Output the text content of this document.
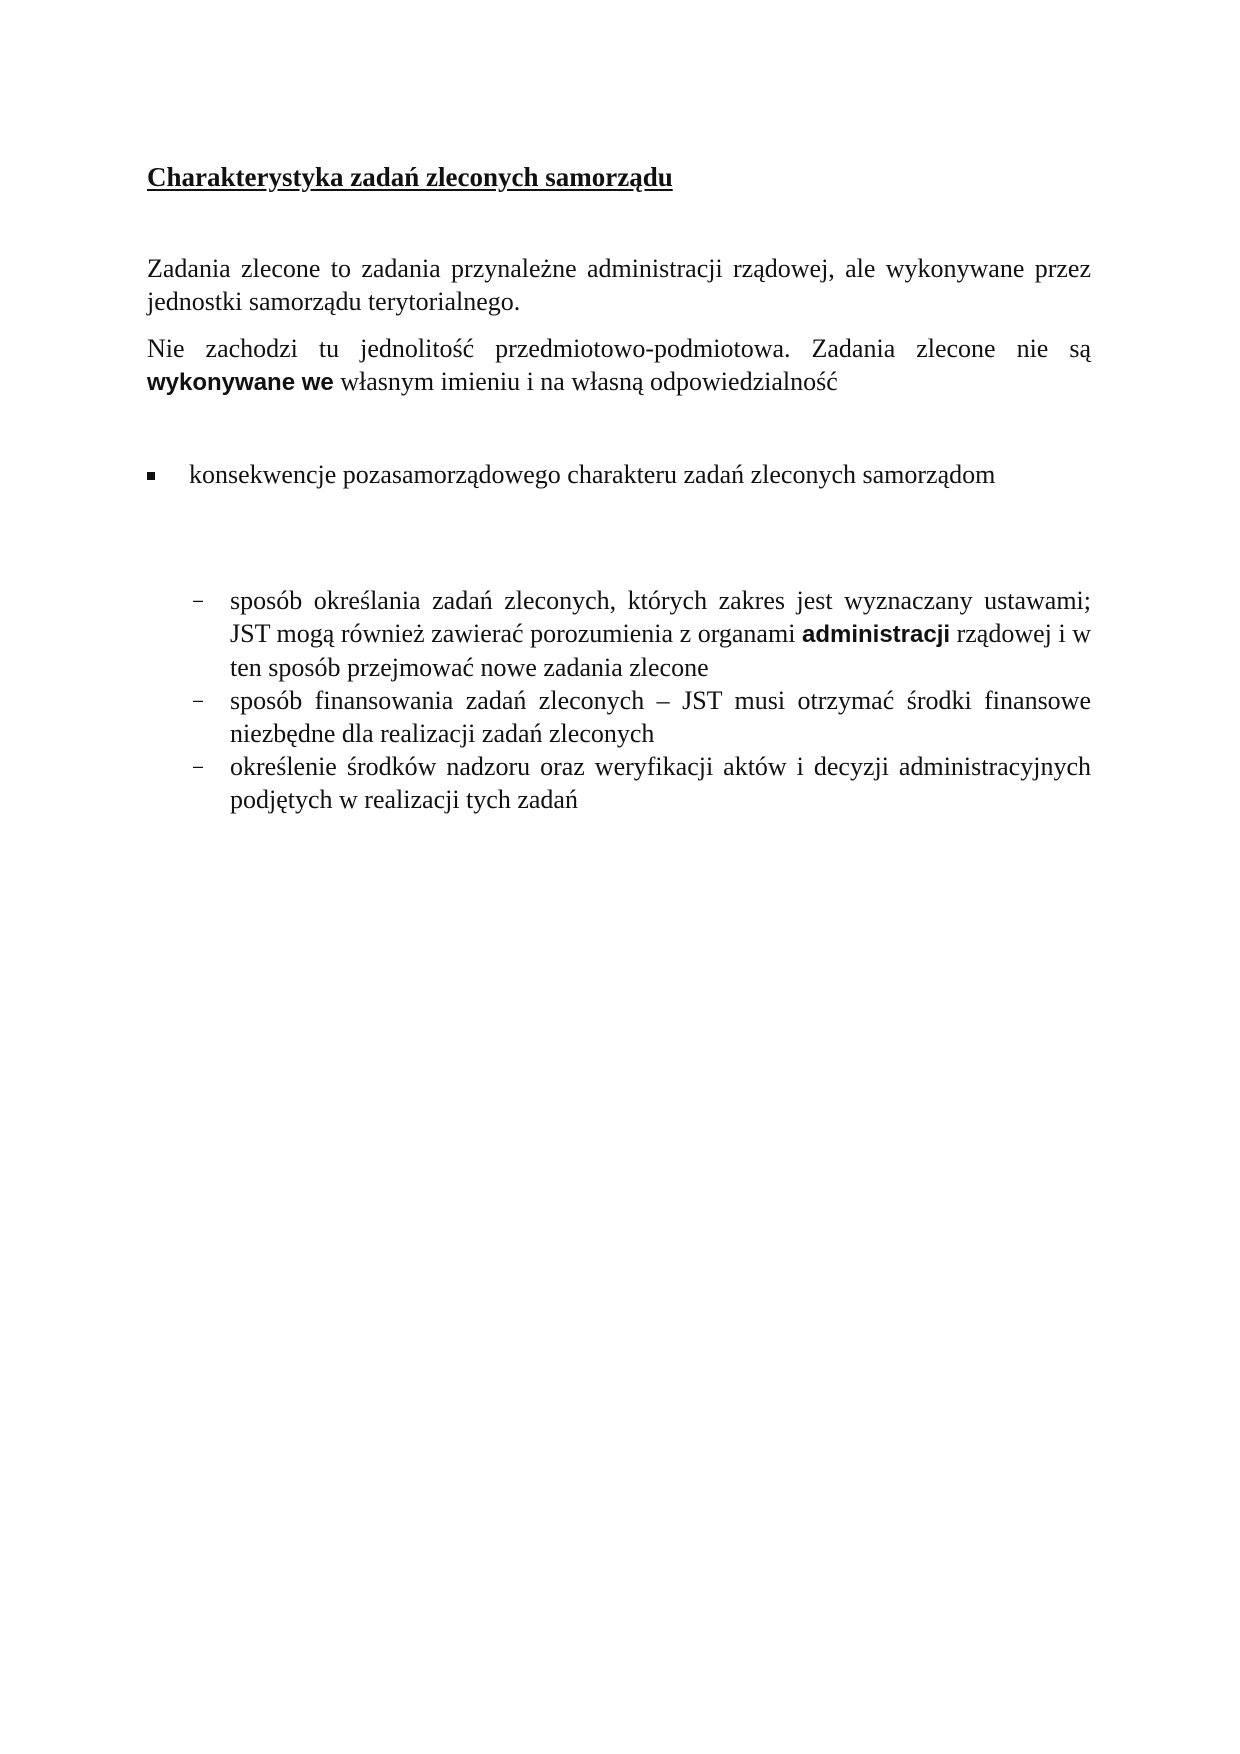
Charakterystyka zadań zleconych samorządu
Zadania zlecone to zadania przynależne administracji rządowej, ale wykonywane przez jednostki samorządu terytorialnego.
Nie zachodzi tu jednolitość przedmiotowo-podmiotowa. Zadania zlecone nie są wykonywane we własnym imieniu i na własną odpowiedzialność
konsekwencje pozasamorządowego charakteru zadań zleconych samorządom
– sposób określania zadań zleconych, których zakres jest wyznaczany ustawami; JST mogą również zawierać porozumienia z organami administracji rządowej i w ten sposób przejmować nowe zadania zlecone
– sposób finansowania zadań zleconych – JST musi otrzymać środki finansowe niezbędne dla realizacji zadań zleconych
– określenie środków nadzoru oraz weryfikacji aktów i decyzji administracyjnych podjętych w realizacji tych zadań
